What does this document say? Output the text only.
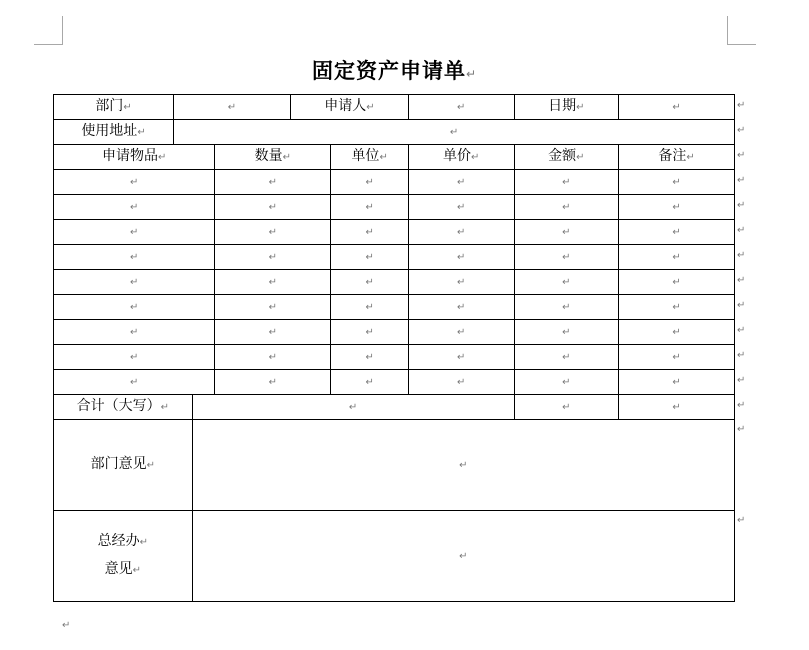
固定资产申请单↵
部门↵	↵			申请人↵		↵	日期↵	↵
使用地址↵	↵							
申请物品↵			数量↵		单位↵	单价↵	金额↵	备注↵
↵			↵		↵	↵	↵	↵
↵			↵		↵	↵	↵	↵
↵			↵		↵	↵	↵	↵
↵			↵		↵	↵	↵	↵
↵			↵		↵	↵	↵	↵
↵			↵		↵	↵	↵	↵
↵			↵		↵	↵	↵	↵
↵			↵		↵	↵	↵	↵
↵			↵		↵	↵	↵	↵
合计（大写）↵		↵					↵	↵

部门意见↵		↵						

总经办↵
意见↵		↵						
↵
↵
↵
↵
↵
↵
↵
↵
↵
↵
↵
↵
↵
↵
↵
↵
